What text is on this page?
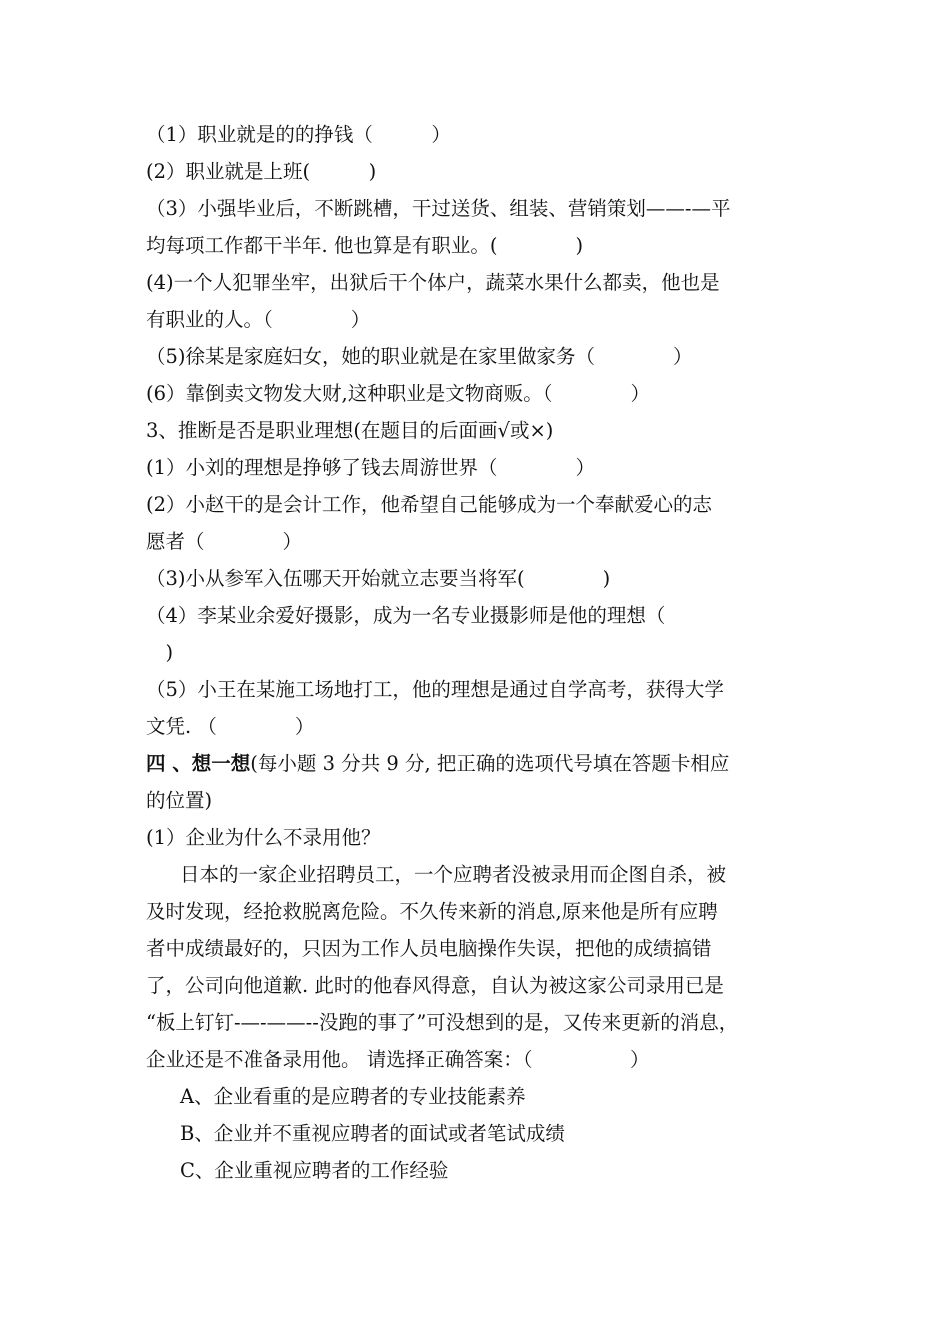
（1）职业就是的的挣钱（　　　）
(2）职业就是上班(　　　)
（3）小强毕业后，不断跳槽，干过送货、组装、营销策划——-—平
均每项工作都干半年. 他也算是有职业。(　　　　)
(4)一个人犯罪坐牢，出狱后干个体户，蔬菜水果什么都卖，他也是
有职业的人。（　　　　）
（5)徐某是家庭妇女，她的职业就是在家里做家务（　　　　）
(6）靠倒卖文物发大财,这种职业是文物商贩。（　　　　）
3、推断是否是职业理想(在题目的后面画√或×)
(1）小刘的理想是挣够了钱去周游世界（　　　　）
(2）小赵干的是会计工作，他希望自己能够成为一个奉献爱心的志
愿者（　　　　）
（3)小从参军入伍哪天开始就立志要当将军(　　　　)
（4）李某业余爱好摄影，成为一名专业摄影师是他的理想（
　)
（5）小王在某施工场地打工，他的理想是通过自学高考，获得大学
文凭. （　　　　）
四 、想一想(每小题 3 分共 9 分, 把正确的选项代号填在答题卡相应
的位置)
(1）企业为什么不录用他？
日本的一家企业招聘员工，一个应聘者没被录用而企图自杀，被
及时发现，经抢救脱离危险。不久传来新的消息,原来他是所有应聘
者中成绩最好的，只因为工作人员电脑操作失误，把他的成绩搞错
了，公司向他道歉. 此时的他春风得意，自认为被这家公司录用已是
“板上钉钉-—-——--没跑的事了”可没想到的是，又传来更新的消息，
企业还是不准备录用他。 请选择正确答案：（　　　　　）
A、企业看重的是应聘者的专业技能素养
B、企业并不重视应聘者的面试或者笔试成绩
C、企业重视应聘者的工作经验
